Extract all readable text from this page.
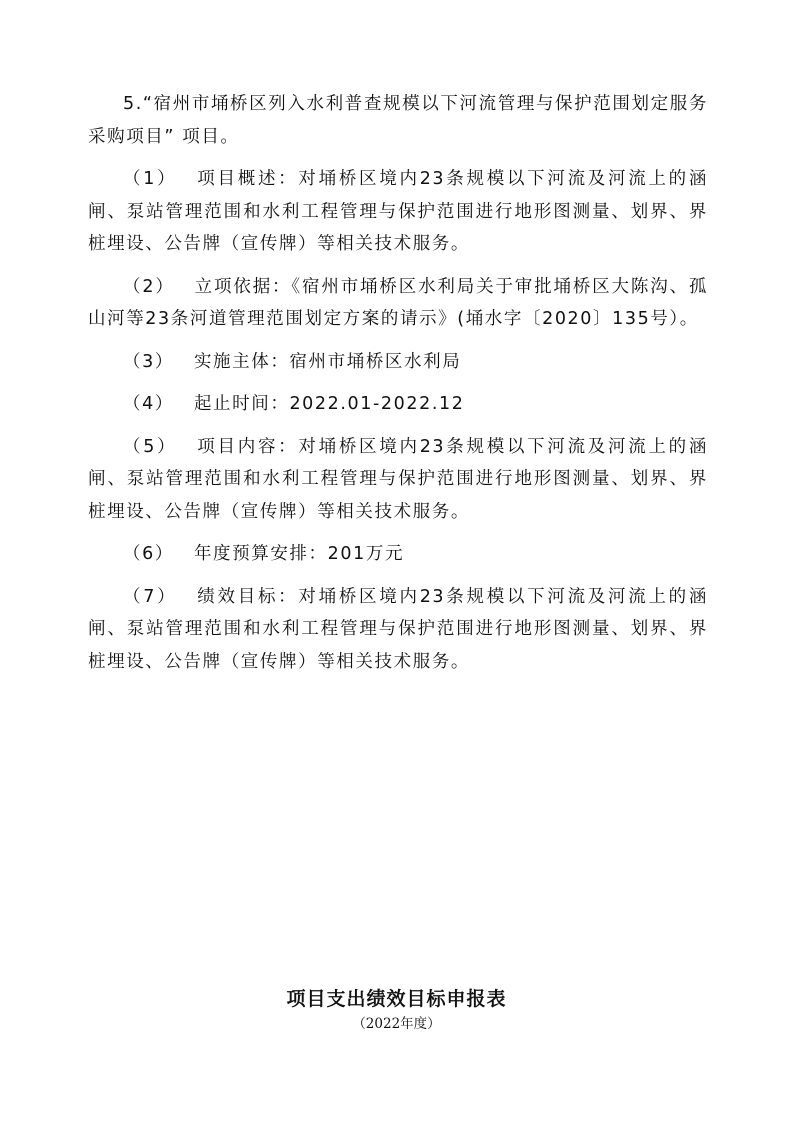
5.“宿州市埇桥区列入水利普查规模以下河流管理与保护范围划定服务采购项目” 项目。

（1） 项目概述：对埇桥区境内23条规模以下河流及河流上的涵闸、泵站管理范围和水利工程管理与保护范围进行地形图测量、划界、界桩埋设、公告牌（宣传牌）等相关技术服务。

（2） 立项依据：《宿州市埇桥区水利局关于审批埇桥区大陈沟、孤山河等23条河道管理范围划定方案的请示》(埇水字〔2020〕135号）。

（3） 实施主体：宿州市埇桥区水利局

（4） 起止时间：2022.01-2022.12

（5） 项目内容：对埇桥区境内23条规模以下河流及河流上的涵闸、泵站管理范围和水利工程管理与保护范围进行地形图测量、划界、界桩埋设、公告牌（宣传牌）等相关技术服务。

（6） 年度预算安排：201万元

（7） 绩效目标：对埇桥区境内23条规模以下河流及河流上的涵闸、泵站管理范围和水利工程管理与保护范围进行地形图测量、划界、界桩埋设、公告牌（宣传牌）等相关技术服务。

项目支出绩效目标申报表

（2022年度）
